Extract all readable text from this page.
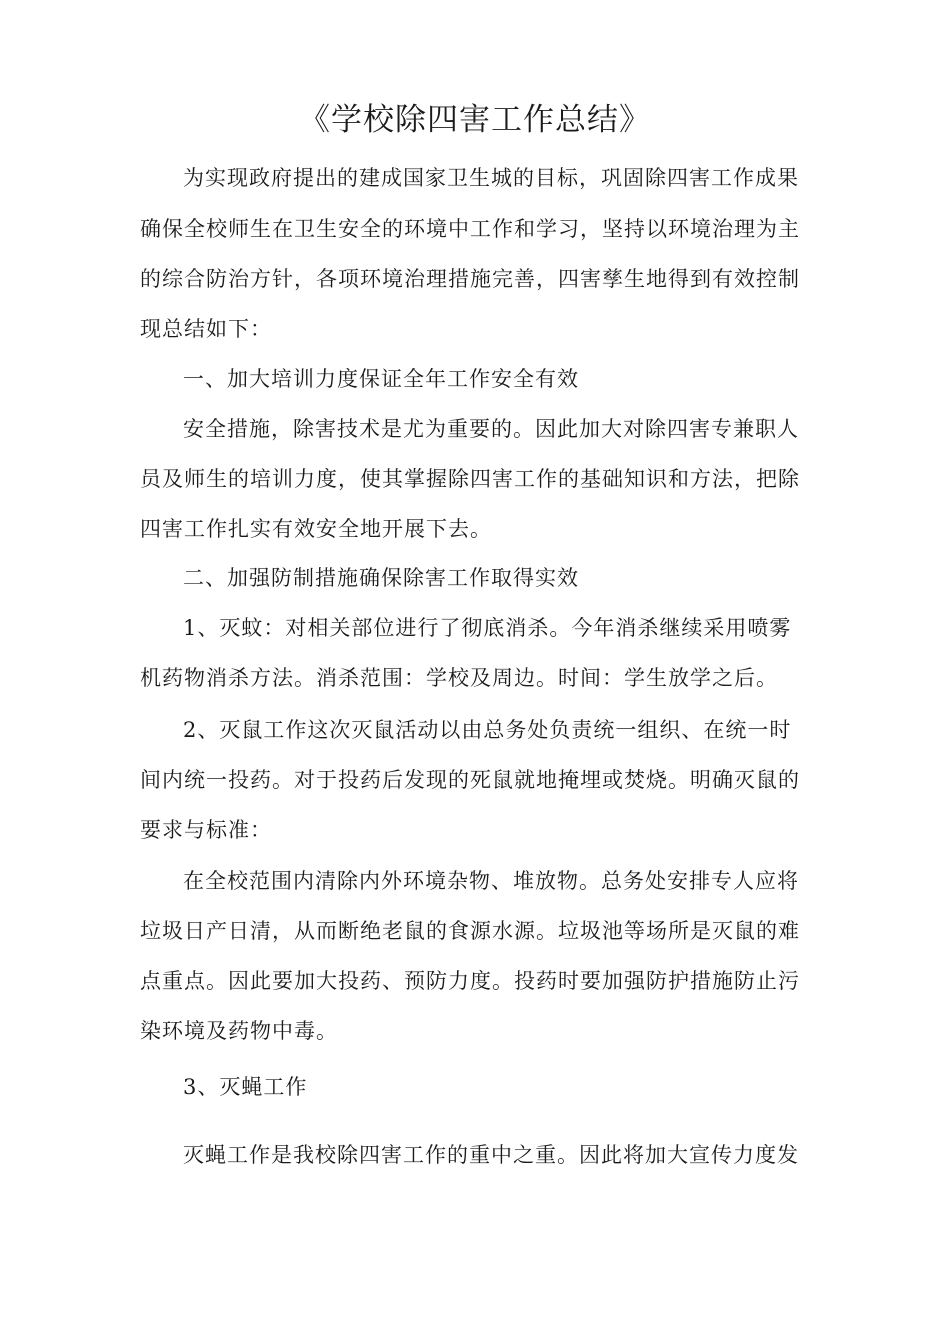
《学校除四害工作总结》

为实现政府提出的建成国家卫生城的目标，巩固除四害工作成果

确保全校师生在卫生安全的环境中工作和学习，坚持以环境治理为主

的综合防治方针，各项环境治理措施完善，四害孳生地得到有效控制

现总结如下：

一、加大培训力度保证全年工作安全有效

安全措施，除害技术是尤为重要的。因此加大对除四害专兼职人

员及师生的培训力度，使其掌握除四害工作的基础知识和方法，把除

四害工作扎实有效安全地开展下去。

二、加强防制措施确保除害工作取得实效

1、灭蚊：对相关部位进行了彻底消杀。今年消杀继续采用喷雾

机药物消杀方法。消杀范围：学校及周边。时间：学生放学之后。

2、灭鼠工作这次灭鼠活动以由总务处负责统一组织、在统一时

间内统一投药。对于投药后发现的死鼠就地掩埋或焚烧。明确灭鼠的

要求与标准：

在全校范围内清除内外环境杂物、堆放物。总务处安排专人应将

垃圾日产日清，从而断绝老鼠的食源水源。垃圾池等场所是灭鼠的难

点重点。因此要加大投药、预防力度。投药时要加强防护措施防止污

染环境及药物中毒。

3、灭蝇工作

灭蝇工作是我校除四害工作的重中之重。因此将加大宣传力度发
